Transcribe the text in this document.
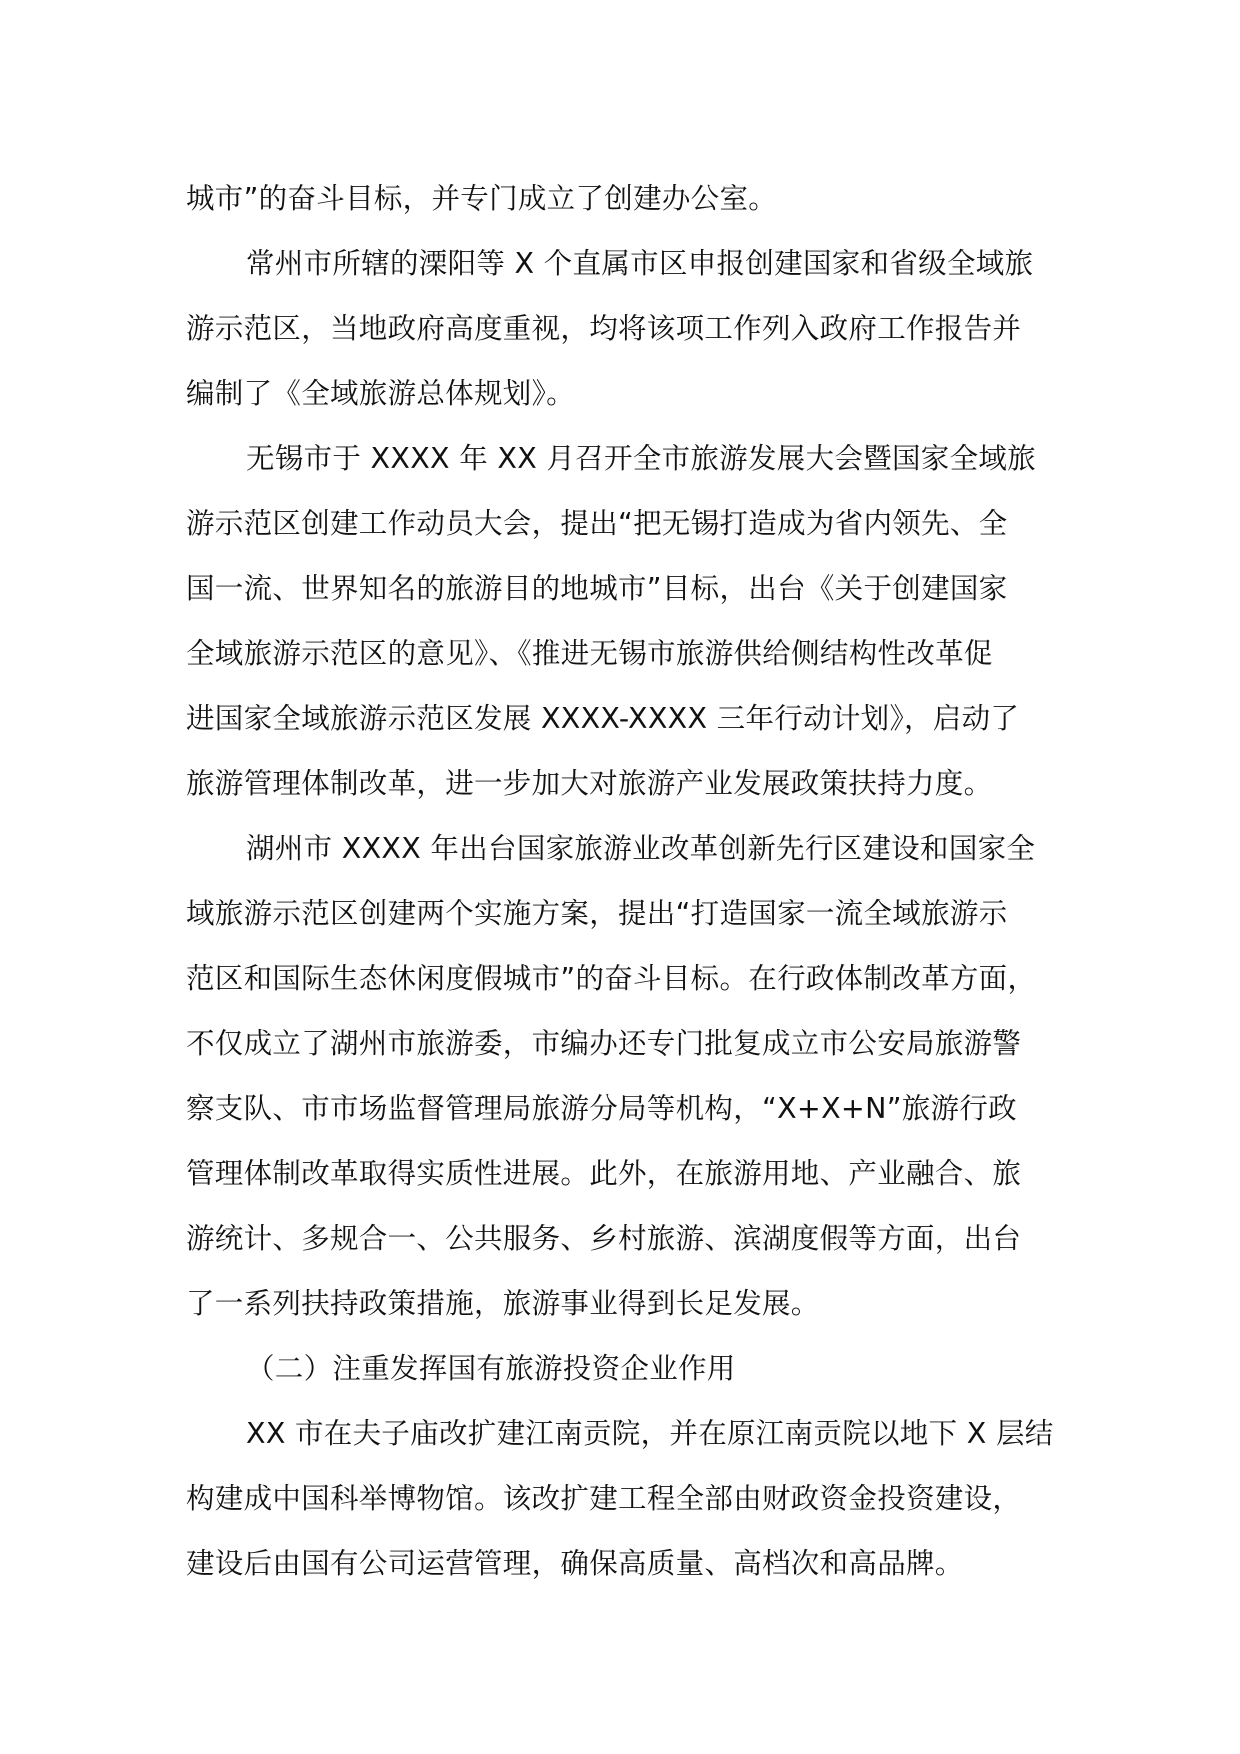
城市”的奋斗目标，并专门成立了创建办公室。
常州市所辖的溧阳等 X 个直属市区申报创建国家和省级全域旅
游示范区，当地政府高度重视，均将该项工作列入政府工作报告并
编制了《全域旅游总体规划》。
无锡市于 XXXX 年 XX 月召开全市旅游发展大会暨国家全域旅
游示范区创建工作动员大会，提出“把无锡打造成为省内领先、全
国一流、世界知名的旅游目的地城市”目标，出台《关于创建国家
全域旅游示范区的意见》、《推进无锡市旅游供给侧结构性改革促
进国家全域旅游示范区发展 XXXX-XXXX 三年行动计划》，启动了
旅游管理体制改革，进一步加大对旅游产业发展政策扶持力度。
湖州市 XXXX 年出台国家旅游业改革创新先行区建设和国家全
域旅游示范区创建两个实施方案，提出“打造国家一流全域旅游示
范区和国际生态休闲度假城市”的奋斗目标。在行政体制改革方面，
不仅成立了湖州市旅游委，市编办还专门批复成立市公安局旅游警
察支队、市市场监督管理局旅游分局等机构，“X+X+N”旅游行政
管理体制改革取得实质性进展。此外，在旅游用地、产业融合、旅
游统计、多规合一、公共服务、乡村旅游、滨湖度假等方面，出台
了一系列扶持政策措施，旅游事业得到长足发展。
（二）注重发挥国有旅游投资企业作用
XX 市在夫子庙改扩建江南贡院，并在原江南贡院以地下 X 层结
构建成中国科举博物馆。该改扩建工程全部由财政资金投资建设，
建设后由国有公司运营管理，确保高质量、高档次和高品牌。
